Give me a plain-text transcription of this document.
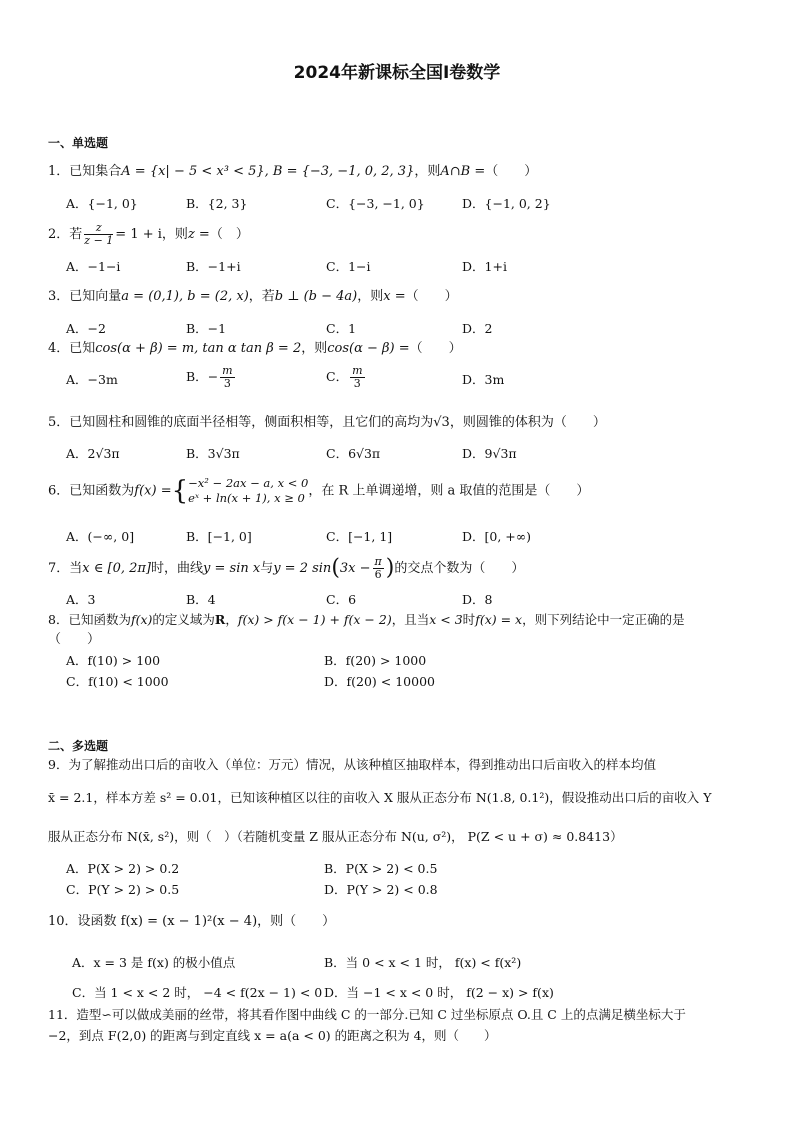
2024年新课标全国Ⅰ卷数学
一、单选题
1．已知集合A = {x| − 5 < x³ < 5}, B = {−3, −1, 0, 2, 3}，则A∩B =（　　）
A．{−1, 0}	B．{2, 3}	C．{−3, −1, 0}	D．{−1, 0, 2}
2．若 $\frac{z}{z - 1} = 1 + i$，则z =（　）
A．−1−i	B．−1+i	C．1−i	D．1+i
3．已知向量a = (0,1), b = (2, x)，若b ⊥ (b − 4a)，则x =（　　）
A．−2	B．−1	C．1	D．2
4．已知cos(α + β) = m, tan α tan β = 2，则cos(α − β) =（　　）
A．−3m	B．− $\frac{m}{3}$	C． $\frac{m}{3}$	D．3m
5．已知圆柱和圆锥的底面半径相等，侧面积相等，且它们的高均为√3，则圆锥的体积为（　　）
A．2√3π	B．3√3π	C．6√3π	D．9√3π
6．已知函数为f(x) ={ −x² − 2ax − a, x < 0
eˣ + ln(x + 1), x ≥ 0 ，在 R 上单调递增，则 a 取值的范围是（　　）
A．(−∞, 0]	B．[−1, 0]	C．[−1, 1]	D．[0, +∞)
7．当x ∈ [0, 2π]时，曲线y = sin x与y = 2 $\sin(3x - \frac{\pi}{6}$ )的交点个数为（　　）
A．3	B．4	C．6	D．8
8．已知函数为f(x)的定义域为R，f(x) > f(x − 1) + f(x − 2)，且当x < 3时f(x) = x，则下列结论中一定正确的是
（　　）
A．f(10) > 100	B．f(20) > 1000
C．f(10) < 1000	D．f(20) < 10000
二、多选题
9．为了解推动出口后的亩收入（单位：万元）情况，从该种植区抽取样本，得到推动出口后亩收入的样本均值
x̄ = 2.1，样本方差 s² = 0.01，已知该种植区以往的亩收入 X 服从正态分布 N(1.8, 0.1²)，假设推动出口后的亩收入 Y
服从正态分布 N(x̄, s²)，则（　）（若随机变量 Z 服从正态分布 N(u, σ²)， P(Z < u + σ) ≈ 0.8413）
A．P(X > 2) > 0.2	B．P(X > 2) < 0.5
C．P(Y > 2) > 0.5	D．P(Y > 2) < 0.8
10．设函数 f(x) = (x − 1)²(x − 4)，则（　　）
A．x = 3 是 f(x) 的极小值点	B．当 0 < x < 1 时， f(x) < f(x²)
C．当 1 < x < 2 时， −4 < f(2x − 1) < 0 D．当 −1 < x < 0 时， f(2 − x) > f(x)
11．造型∽可以做成美丽的丝带，将其看作图中曲线 C 的一部分.已知 C 过坐标原点 O.且 C 上的点满足横坐标大于
−2，到点 F(2,0) 的距离与到定直线 x = a(a < 0) 的距离之积为 4，则（　　）
